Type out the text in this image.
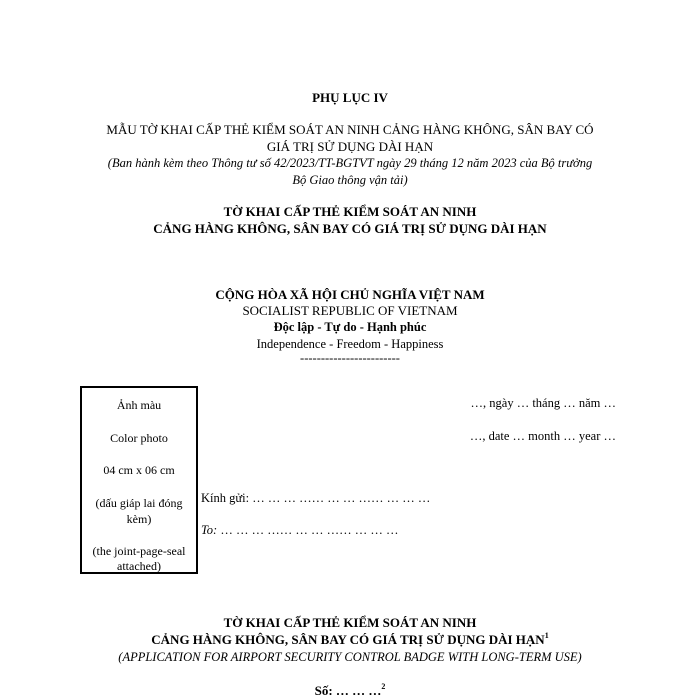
PHỤ LỤC IV
MẪU TỜ KHAI CẤP THẺ KIỂM SOÁT AN NINH CẢNG HÀNG KHÔNG, SÂN BAY CÓ
GIÁ TRỊ SỬ DỤNG DÀI HẠN
(Ban hành kèm theo Thông tư số 42/2023/TT-BGTVT ngày 29 tháng 12 năm 2023 của Bộ trưởng
Bộ Giao thông vận tải)
TỜ KHAI CẤP THẺ KIỂM SOÁT AN NINH
CẢNG HÀNG KHÔNG, SÂN BAY CÓ GIÁ TRỊ SỬ DỤNG DÀI HẠN
CỘNG HÒA XÃ HỘI CHỦ NGHĨA VIỆT NAM
SOCIALIST REPUBLIC OF VIETNAM
Độc lập - Tự do - Hạnh phúc
Independence - Freedom - Happiness
------------------------
Ảnh màu
Color photo
04 cm x 06 cm
(dấu giáp lai đóng
kèm)
(the joint-page-seal
attached)
…, ngày … tháng … năm …
…, date … month … year …
Kính gửi: … … … …… … … …… … … …
To: … … … …… … … …… … … …
TỜ KHAI CẤP THẺ KIỂM SOÁT AN NINH
CẢNG HÀNG KHÔNG, SÂN BAY CÓ GIÁ TRỊ SỬ DỤNG DÀI HẠN$^1$
(APPLICATION FOR AIRPORT SECURITY CONTROL BADGE WITH LONG-TERM USE)
Số: … … …$^2$
